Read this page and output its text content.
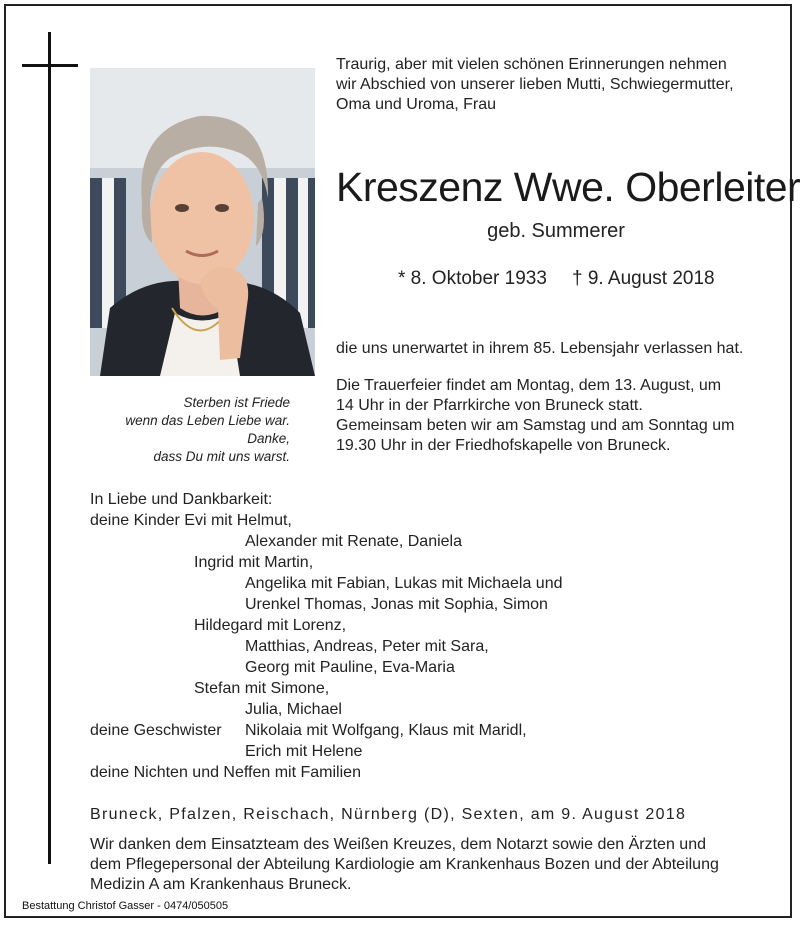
Sterben ist Friede
wenn das Leben Liebe war.
Danke,
dass Du mit uns warst.
Traurig, aber mit vielen schönen Erinnerungen nehmen
wir Abschied von unserer lieben Mutti, Schwiegermutter,
Oma und Uroma, Frau
Kreszenz Wwe. Oberleiter
geb. Summerer
* 8. Oktober 1933 † 9. August 2018
die uns unerwartet in ihrem 85. Lebensjahr verlassen hat.
Die Trauerfeier findet am Montag, dem 13. August, um
14 Uhr in der Pfarrkirche von Bruneck statt.
Gemeinsam beten wir am Samstag und am Sonntag um
19.30 Uhr in der Friedhofskapelle von Bruneck.
In Liebe und Dankbarkeit:
deine Kinder Evi mit Helmut,
Alexander mit Renate, Daniela
Ingrid mit Martin,
Angelika mit Fabian, Lukas mit Michaela und
Urenkel Thomas, Jonas mit Sophia, Simon
Hildegard mit Lorenz,
Matthias, Andreas, Peter mit Sara,
Georg mit Pauline, Eva-Maria
Stefan mit Simone,
Julia, Michael
deine Geschwister Nikolaia mit Wolfgang, Klaus mit Maridl,
Erich mit Helene
deine Nichten und Neffen mit Familien
Bruneck, Pfalzen, Reischach, Nürnberg (D), Sexten, am 9. August 2018
Wir danken dem Einsatzteam des Weißen Kreuzes, dem Notarzt sowie den Ärzten und
dem Pflegepersonal der Abteilung Kardiologie am Krankenhaus Bozen und der Abteilung
Medizin A am Krankenhaus Bruneck.
Bestattung Christof Gasser - 0474/050505
